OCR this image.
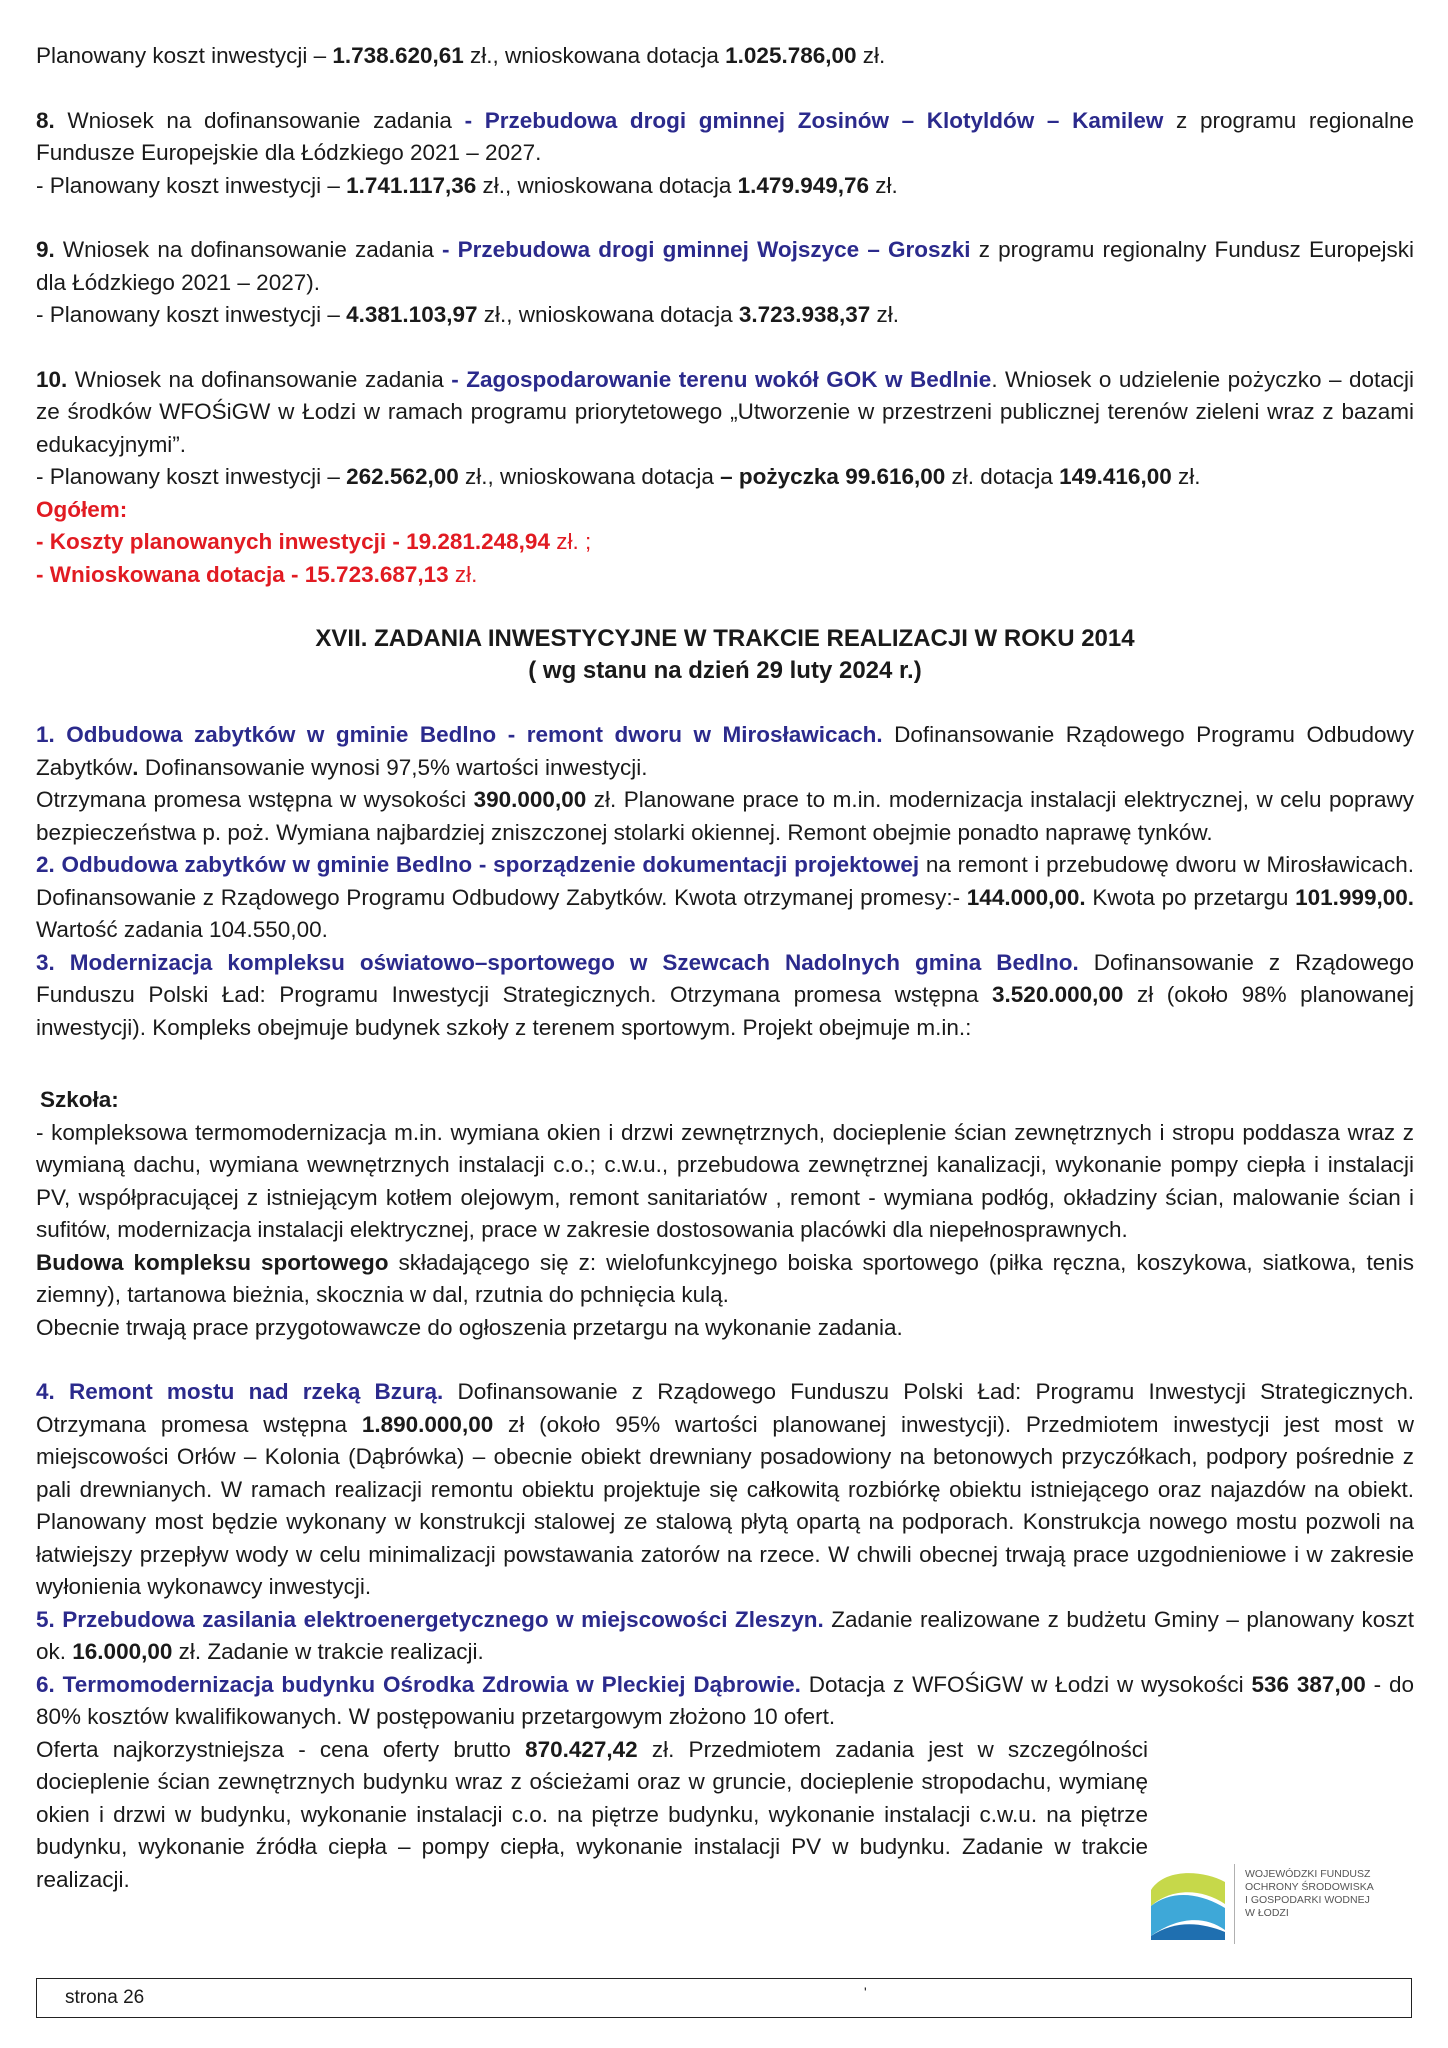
Planowany koszt inwestycji – 1.738.620,61 zł., wnioskowana dotacja 1.025.786,00 zł.

8. Wniosek na dofinansowanie zadania - Przebudowa drogi gminnej Zosinów – Klotyldów – Kamilew z programu regionalne Fundusze Europejskie dla Łódzkiego 2021 – 2027.

- Planowany koszt inwestycji – 1.741.117,36 zł., wnioskowana dotacja 1.479.949,76 zł.

9. Wniosek na dofinansowanie zadania - Przebudowa drogi gminnej Wojszyce – Groszki z programu regionalny Fundusz Europejski dla Łódzkiego 2021 – 2027).

- Planowany koszt inwestycji – 4.381.103,97 zł., wnioskowana dotacja 3.723.938,37 zł.

10. Wniosek na dofinansowanie zadania - Zagospodarowanie terenu wokół GOK w Bedlnie. Wniosek o udzielenie pożyczko – dotacji ze środków WFOŚiGW w Łodzi w ramach programu priorytetowego „Utworzenie w przestrzeni publicznej terenów zieleni wraz z bazami edukacyjnymi”.

- Planowany koszt inwestycji – 262.562,00 zł., wnioskowana dotacja – pożyczka 99.616,00 zł. dotacja 149.416,00 zł.

Ogółem:

- Koszty planowanych inwestycji - 19.281.248,94 zł. ;

- Wnioskowana dotacja - 15.723.687,13 zł.

XVII. ZADANIA INWESTYCYJNE W TRAKCIE REALIZACJI W ROKU 2014

( wg stanu na dzień 29 luty 2024 r.)

1. Odbudowa zabytków w gminie Bedlno - remont dworu w Mirosławicach. Dofinansowanie Rządowego Programu Odbudowy Zabytków. Dofinansowanie wynosi 97,5% wartości inwestycji.

Otrzymana promesa wstępna w wysokości 390.000,00 zł. Planowane prace to m.in. modernizacja instalacji elektrycznej, w celu poprawy bezpieczeństwa p. poż. Wymiana najbardziej zniszczonej stolarki okiennej. Remont obejmie ponadto naprawę tynków.

2. Odbudowa zabytków w gminie Bedlno - sporządzenie dokumentacji projektowej na remont i przebudowę dworu w Mirosławicach. Dofinansowanie z Rządowego Programu Odbudowy Zabytków. Kwota otrzymanej promesy:- 144.000,00. Kwota po przetargu 101.999,00. Wartość zadania 104.550,00.

3. Modernizacja kompleksu oświatowo–sportowego w Szewcach Nadolnych gmina Bedlno. Dofinansowanie z Rządowego Funduszu Polski Ład: Programu Inwestycji Strategicznych. Otrzymana promesa wstępna 3.520.000,00 zł (około 98% planowanej inwestycji). Kompleks obejmuje budynek szkoły z terenem sportowym. Projekt obejmuje m.in.:

Szkoła:

- kompleksowa termomodernizacja m.in. wymiana okien i drzwi zewnętrznych, docieplenie ścian zewnętrznych i stropu poddasza wraz z wymianą dachu, wymiana wewnętrznych instalacji c.o.; c.w.u., przebudowa zewnętrznej kanalizacji, wykonanie pompy ciepła i instalacji PV, współpracującej z istniejącym kotłem olejowym, remont sanitariatów , remont - wymiana podłóg, okładziny ścian, malowanie ścian i sufitów, modernizacja instalacji elektrycznej, prace w zakresie dostosowania placówki dla niepełnosprawnych.

Budowa kompleksu sportowego składającego się z: wielofunkcyjnego boiska sportowego (piłka ręczna, koszykowa, siatkowa, tenis ziemny), tartanowa bieżnia, skocznia w dal, rzutnia do pchnięcia kulą.

Obecnie trwają prace przygotowawcze do ogłoszenia przetargu na wykonanie zadania.

4. Remont mostu nad rzeką Bzurą. Dofinansowanie z Rządowego Funduszu Polski Ład: Programu Inwestycji Strategicznych. Otrzymana promesa wstępna 1.890.000,00 zł (około 95% wartości planowanej inwestycji). Przedmiotem inwestycji jest most w miejscowości Orłów – Kolonia (Dąbrówka) – obecnie obiekt drewniany posadowiony na betonowych przyczółkach, podpory pośrednie z pali drewnianych. W ramach realizacji remontu obiektu projektuje się całkowitą rozbiórkę obiektu istniejącego oraz najazdów na obiekt. Planowany most będzie wykonany w konstrukcji stalowej ze stalową płytą opartą na podporach. Konstrukcja nowego mostu pozwoli na łatwiejszy przepływ wody w celu minimalizacji powstawania zatorów na rzece. W chwili obecnej trwają prace uzgodnieniowe i w zakresie wyłonienia wykonawcy inwestycji.

5. Przebudowa zasilania elektroenergetycznego w miejscowości Zleszyn. Zadanie realizowane z budżetu Gminy – planowany koszt ok. 16.000,00 zł. Zadanie w trakcie realizacji.

6. Termomodernizacja budynku Ośrodka Zdrowia w Pleckiej Dąbrowie. Dotacja z WFOŚiGW w Łodzi w wysokości 536 387,00 - do 80% kosztów kwalifikowanych. W postępowaniu przetargowym złożono 10 ofert.

Oferta najkorzystniejsza - cena oferty brutto 870.427,42 zł. Przedmiotem zadania jest w szczególności docieplenie ścian zewnętrznych budynku wraz z ościeżami oraz w gruncie, docieplenie stropodachu, wymianę okien i drzwi w budynku, wykonanie instalacji c.o. na piętrze budynku, wykonanie instalacji c.w.u. na piętrze budynku, wykonanie źródła ciepła – pompy ciepła, wykonanie instalacji PV w budynku. Zadanie w trakcie realizacji.	WOJEWÓDZKI FUNDUSZ
OCHRONY ŚRODOWISKA
I GOSPODARKI WODNEJ
W ŁODZI
strona 26	'
